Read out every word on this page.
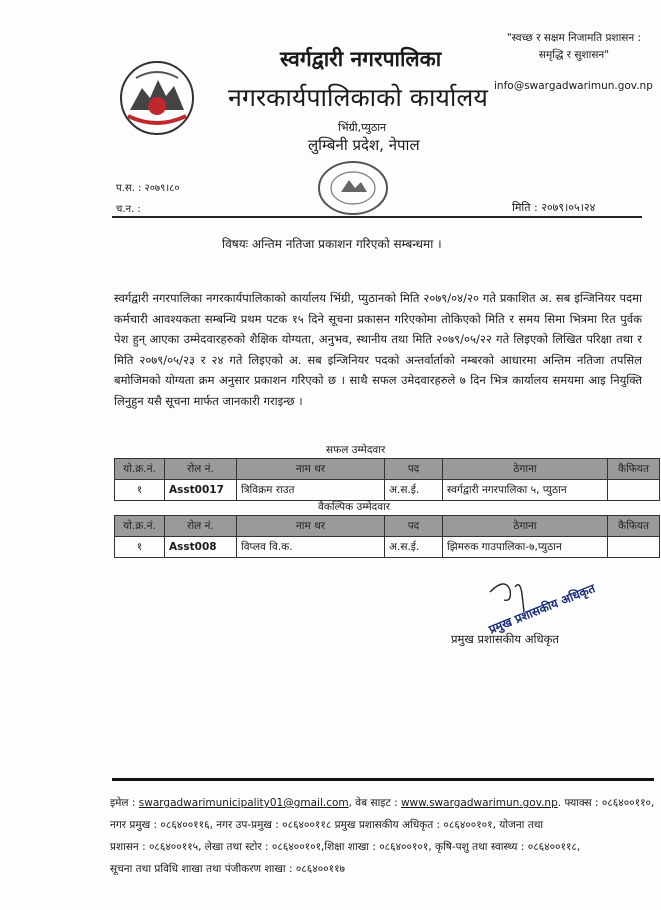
स्वर्गद्वारी नगरपालिका
नगरकार्यपालिकाको कार्यालय
"स्वच्छ र सक्षम निजामति प्रशासन :
समृद्धि र सुशासन"
info@swargadwarimun.gov.np
भिंग्री,प्युठान
लुम्बिनी प्रदेश, नेपाल
प.स. : २०७९।८०
च.न. :	मिति : २०७९।०५।२४
विषयः अन्तिम नतिजा प्रकाशन गरिएको सम्बन्धमा ।
स्वर्गद्वारी नगरपालिका नगरकार्यपालिकाको कार्यालय भिंग्री, प्युठानको मिति २०७९/०४/२० गते प्रकाशित अ. सब इन्जिनियर पदमा कर्मचारी आवश्यकता सम्बन्धि प्रथम पटक १५ दिने सूचना प्रकासन गरिएकोमा तोकिएको मिति र समय सिमा भित्रमा रित पुर्वक पेश हुन् आएका उम्मेदवारहरुको शैक्षिक योग्यता, अनुभव, स्थानीय तथा मिति २०७९/०५/२२ गते लिइएको लिखित परिक्षा तथा र मिति २०७९/०५/२३ र २४ गते लिइएको अ. सब इन्जिनियर पदको अन्तर्वार्ताको नम्बरको आधारमा अन्तिम नतिजा तपसिल बमोजिमको योग्यता क्रम अनुसार प्रकाशन गरिएको छ । साथै सफल उमेदवारहरुले ७ दिन भित्र कार्यालय समयमा आइ नियुक्ति लिनुहुन यसै सूचना मार्फत जानकारी गराइन्छ ।
सफल उम्मेदवार
यो.क्र.नं.	रोल नं.	नाम थर	पद	ठेगाना	कैफियत
१	Asst0017	त्रिविक्रम राउत	अ.स.ई.	स्वर्गद्वारी नगरपालिका ५, प्युठान	
वैकल्पिक उम्मेदवार
यो.क्र.नं.	रोल नं.	नाम थर	पद	ठेगाना	कैफियत
१	Asst008	विप्लव वि.क.	अ.स.ई.	झिमरुक गाउपालिका-७,प्युठान	
प्रमुख प्रशासकीय अधिकृत
प्रमुख प्रशासकीय अधिकृत
इमेल : swargadwarimunicipality01@gmail.com, वेब साइट : www.swargadwarimun.gov.np. फ्याक्स : ०८६४००११०,
नगर प्रमुख : ०८६४००११६, नगर उप-प्रमुख : ०८६४००११८ प्रमुख प्रशासकीय अधिकृत : ०८६४००१०१, योजना तथा
प्रशासन : ०८६४००११५, लेखा तथा स्टोर : ०८६४००१०१,शिक्षा शाखा : ०८६४००१०१, कृषि-पशु तथा स्वास्थ्य : ०८६४००११८,
सूचना तथा प्रविधि शाखा तथा पंजीकरण शाखा : ०८६४००११७
